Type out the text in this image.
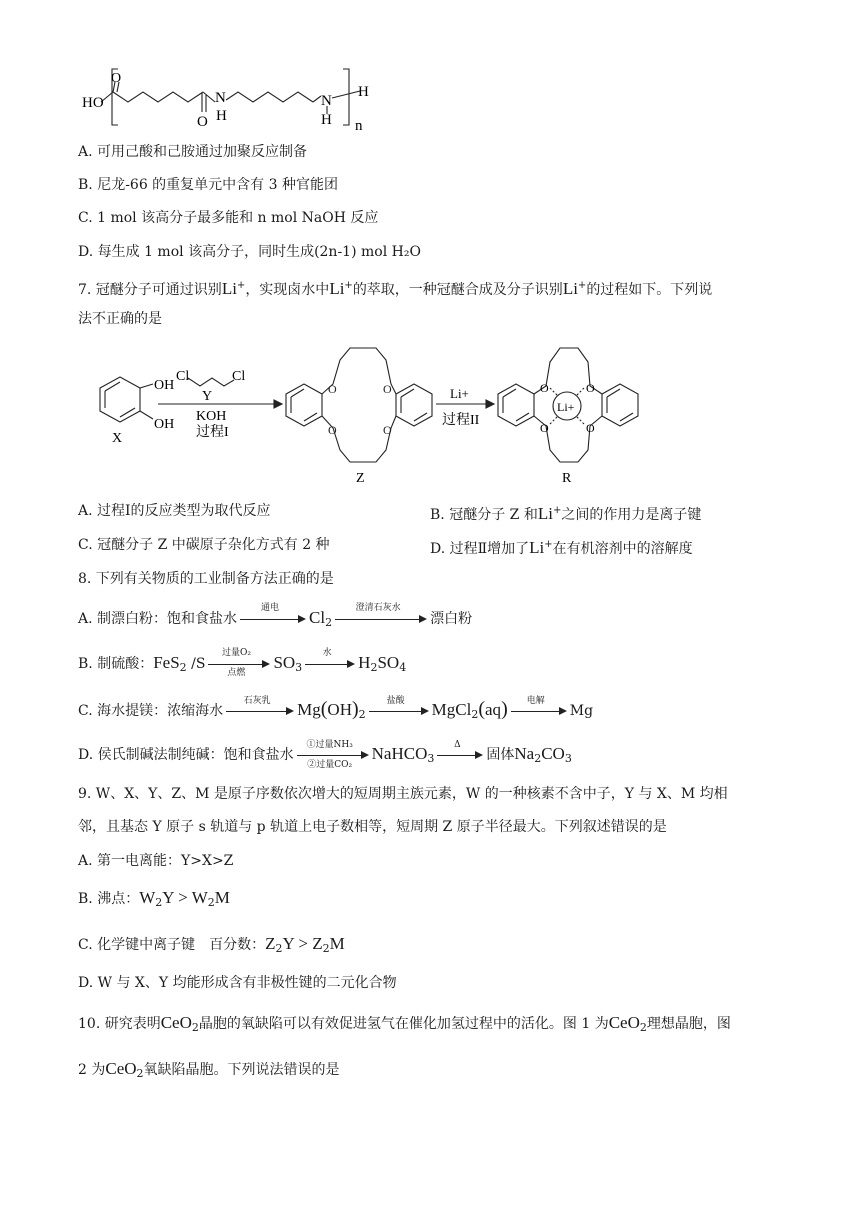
HO
O
N
H
O
N
H
H
n
A. 可用己酸和己胺通过加聚反应制备
B. 尼龙-66 的重复单元中含有 3 种官能团
C. 1 mol 该高分子最多能和 n mol NaOH 反应
D. 每生成 1 mol 该高分子，同时生成(2n-1) mol H₂O
7. 冠醚分子可通过识别Li+，实现卤水中Li+的萃取，一种冠醚合成及分子识别Li+的过程如下。下列说
法不正确的是
OH
OH
X
Cl	Cl
Y
KOH
过程I
O	O
O	O
Z
Li+
过程II
O	O
O	O
Li+
R
A. 过程Ⅰ的反应类型为取代反应	B. 冠醚分子 Z 和Li+之间的作用力是离子键
C. 冠醚分子 Z 中碳原子杂化方式有 2 种	D. 过程Ⅱ增加了Li+在有机溶剂中的溶解度
8. 下列有关物质的工业制备方法正确的是
A. 制漂白粉：饱和食盐水
通电	$Cl_2$
澄清石灰水
漂白粉
B. 制硫酸：FeS$_2$ /S
过量O₂
点燃
$SO_3$
水	$H_2SO_4$
C. 海水提镁：浓缩海水
石灰乳	$Mg(OH)_2$
盐酸	MgCl$_2$(aq)	电解
Mg
D. 侯氏制碱法制纯碱：饱和食盐水
①过量NH₃
②过量CO₂
NaHCO$_3$
Δ
固体$Na_2CO_3$
9. W、X、Y、Z、M 是原子序数依次增大的短周期主族元素，W 的一种核素不含中子，Y 与 X、M 均相
邻，且基态 Y 原子 s 轨道与 p 轨道上电子数相等，短周期 Z 原子半径最大。下列叙述错误的是
A. 第一电离能：Y>X>Z
B. 沸点：$W_2Y > W_2M$
C. 化学键中离子键　百分数：$Z_2Y > Z_2M$
D. W 与 X、Y 均能形成含有非极性键的二元化合物
10. 研究表明CeO$_2$晶胞的氧缺陷可以有效促进氢气在催化加氢过程中的活化。图 1 为CeO$_2$理想晶胞，图
2 为CeO$_2$氧缺陷晶胞。下列说法错误的是
